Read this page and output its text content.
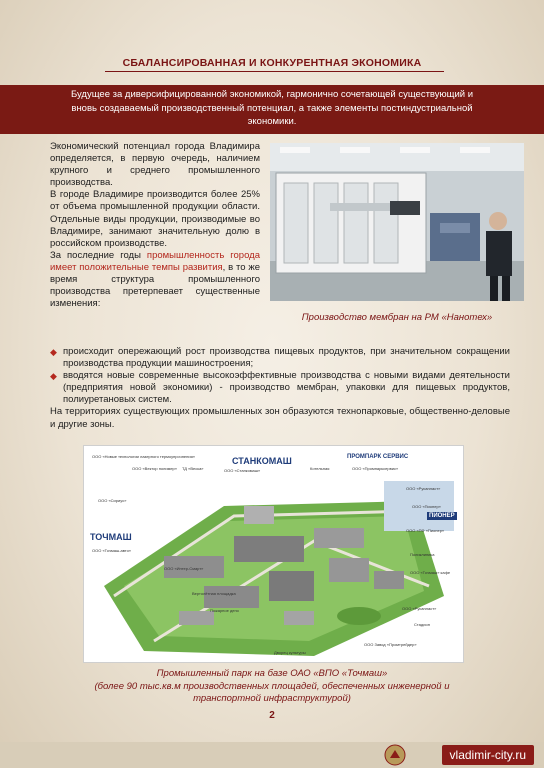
СБАЛАНСИРОВАННАЯ И КОНКУРЕНТНАЯ ЭКОНОМИКА
Будущее за диверсифицированной экономикой, гармонично сочетающей существующий и вновь создаваемый производственный потенциал, а также элементы постиндустриальной экономики.

Экономический потенциал города Владимира определяется, в первую очередь, наличием крупного и среднего промышленного производства.

В городе Владимире производится более 25% от объема промышленной продукции области. Отдельные виды продукции, производимые во Владимире, занимают значительную долю в российском производстве.

За последние годы промышленность города имеет положительные темпы развития, в то же время структура промышленного производства претерпевает существенные изменения:

Производство мембран на РМ «Нанотех»
◆ происходит опережающий рост производства пищевых продуктов, при значительном сокращении производства продукции машиностроения;
◆ вводятся новые современные высокоэффективные производства с новыми видами деятельности (предприятия новой экономики) - производство мембран, упаковки для пищевых продуктов, полиуретановых систем.

На территориях существующих промышленных зон образуются технопарковые, общественно-деловые и другие зоны.

СТАНКОМАШ	ПРОМПАРК СЕРВИС
ТОЧМАШ
ПИОНЕР
ООО «Новые технологии лазерного термоупрочнения»
ООО «Вектор полимер» ТД «Веска»	ООО «Станкомаш»	Котельная	ООО «Промпарксервис»
ООО «Русапласт»
ООО «Сириус»
ООО «Пионер»
ООО «ПФ «Пионер»
ООО «Точмаш-авто»
ООО «Интер-Смарт»
Вертолётная площадка
Пожарное депо
Поликлиника
ООО «Точмаш» кафе
ООО «Русапласт»
Стадион
Дворец культуры
ООО Завод «Промтрейдер»
Промышленный парк на базе ОАО «ВПО «Точмаш»
(более 90 тыс.кв.м производственных площадей, обеспеченных инженерной и транспортной инфраструктурой)
2
vladimir-city.ru
